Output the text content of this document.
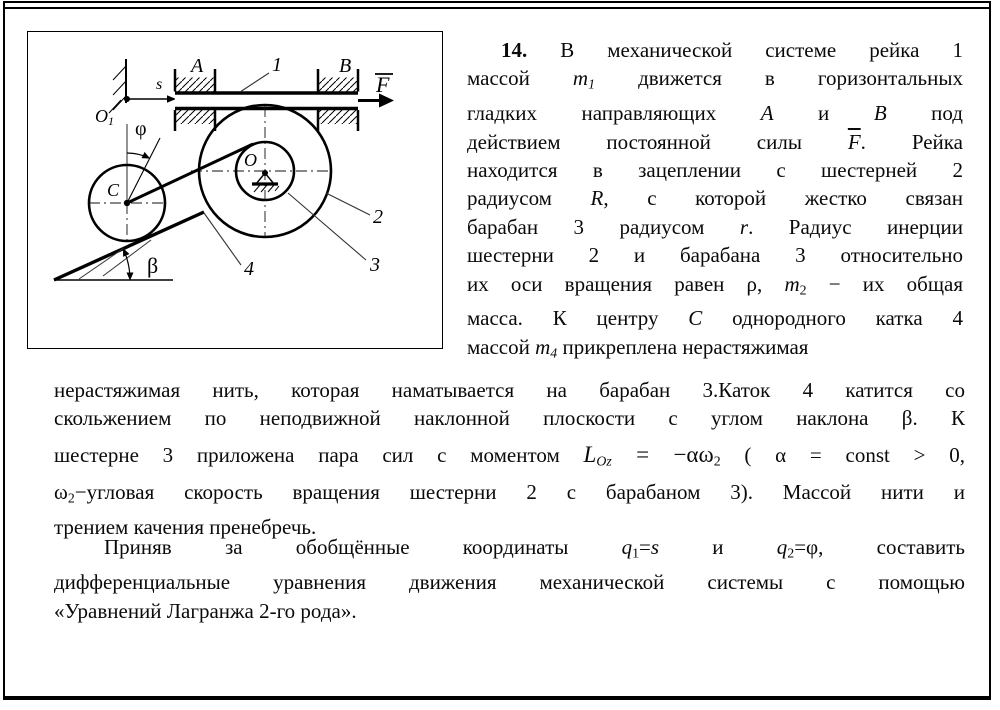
O1
s	F
A	B
1
O
C
φ
β
2
3
4
14. В механической системе рейка 1
массой $m_1$ движется в горизонтальных
гладких направляющих A и B под
действием постоянной силы $\overline{F}$. Рейка
находится в зацеплении с шестерней 2
радиусом R, с которой жестко связан
барабан 3 радиусом r. Радиус инерции
шестерни 2 и барабана 3 относительно
их оси вращения равен ρ, $m_2$ − их общая
масса. К центру C однородного катка 4
массой $m_4$ прикреплена нерастяжимая
нерастяжимая нить, которая наматывается на барабан 3.Каток 4 катится со
скольжением по неподвижной наклонной плоскости с углом наклона β. К
шестерне 3 приложена пара сил с моментом $L_{Oz} = -\alpha\omega_2$ ( α = const > 0,
$\omega_2-угловая$ скорость вращения шестерни 2 с барабаном 3). Массой нити и
трением качения пренебречь.
Приняв за обобщённые координаты $q_1=s$ и $q_2=\varphi$, составить
дифференциальные уравнения движения механической системы с помощью
«Уравнений Лагранжа 2-го рода».
